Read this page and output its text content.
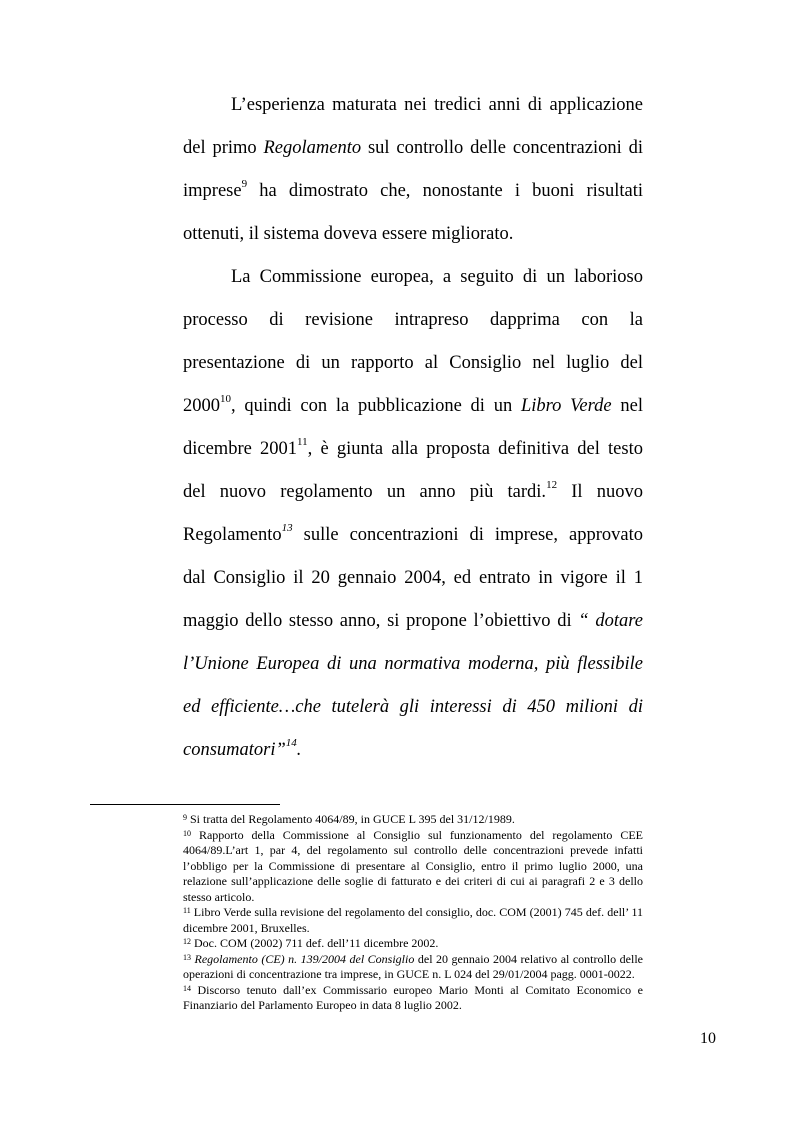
L’esperienza maturata nei tredici anni di applicazione
del primo Regolamento sul controllo delle concentrazioni di
imprese$^9$ ha dimostrato che, nonostante i buoni risultati
ottenuti, il sistema doveva essere migliorato.
La Commissione europea, a seguito di un laborioso
processo di revisione intrapreso dapprima con la
presentazione di un rapporto al Consiglio nel luglio del
2000$^{10}$, quindi con la pubblicazione di un Libro Verde nel
dicembre 2001$^{11}$, è giunta alla proposta definitiva del testo
del nuovo regolamento un anno più tardi.$^{12}$ Il nuovo
Regolamento$^{13}$ sulle concentrazioni di imprese, approvato
dal Consiglio il 20 gennaio 2004, ed entrato in vigore il 1
maggio dello stesso anno, si propone l’obiettivo di “ dotare
l’Unione Europea di una normativa moderna, più flessibile
ed efficiente…che tutelerà gli interessi di 450 milioni di
consumatori”$^{14}$.

$^9$ Si tratta del Regolamento 4064/89, in GUCE L 395 del 31/12/1989.

$^{10}$ Rapporto della Commissione al Consiglio sul funzionamento del regolamento CEE 4064/89.L’art 1, par 4, del regolamento sul controllo delle concentrazioni prevede infatti l’obbligo per la Commissione di presentare al Consiglio, entro il primo luglio 2000, una relazione sull’applicazione delle soglie di fatturato e dei criteri di cui ai paragrafi 2 e 3 dello stesso articolo.

$^{11}$ Libro Verde sulla revisione del regolamento del consiglio, doc. COM (2001) 745 def. dell’ 11 dicembre 2001, Bruxelles.

$^{12}$ Doc. COM (2002) 711 def. dell’11 dicembre 2002.

$^{13}$ Regolamento (CE) n. 139/2004 del Consiglio del 20 gennaio 2004 relativo al controllo delle operazioni di concentrazione tra imprese, in GUCE n. L 024 del 29/01/2004 pagg. 0001-0022.

$^{14}$ Discorso tenuto dall’ex Commissario europeo Mario Monti al Comitato Economico e Finanziario del Parlamento Europeo in data 8 luglio 2002.

10
